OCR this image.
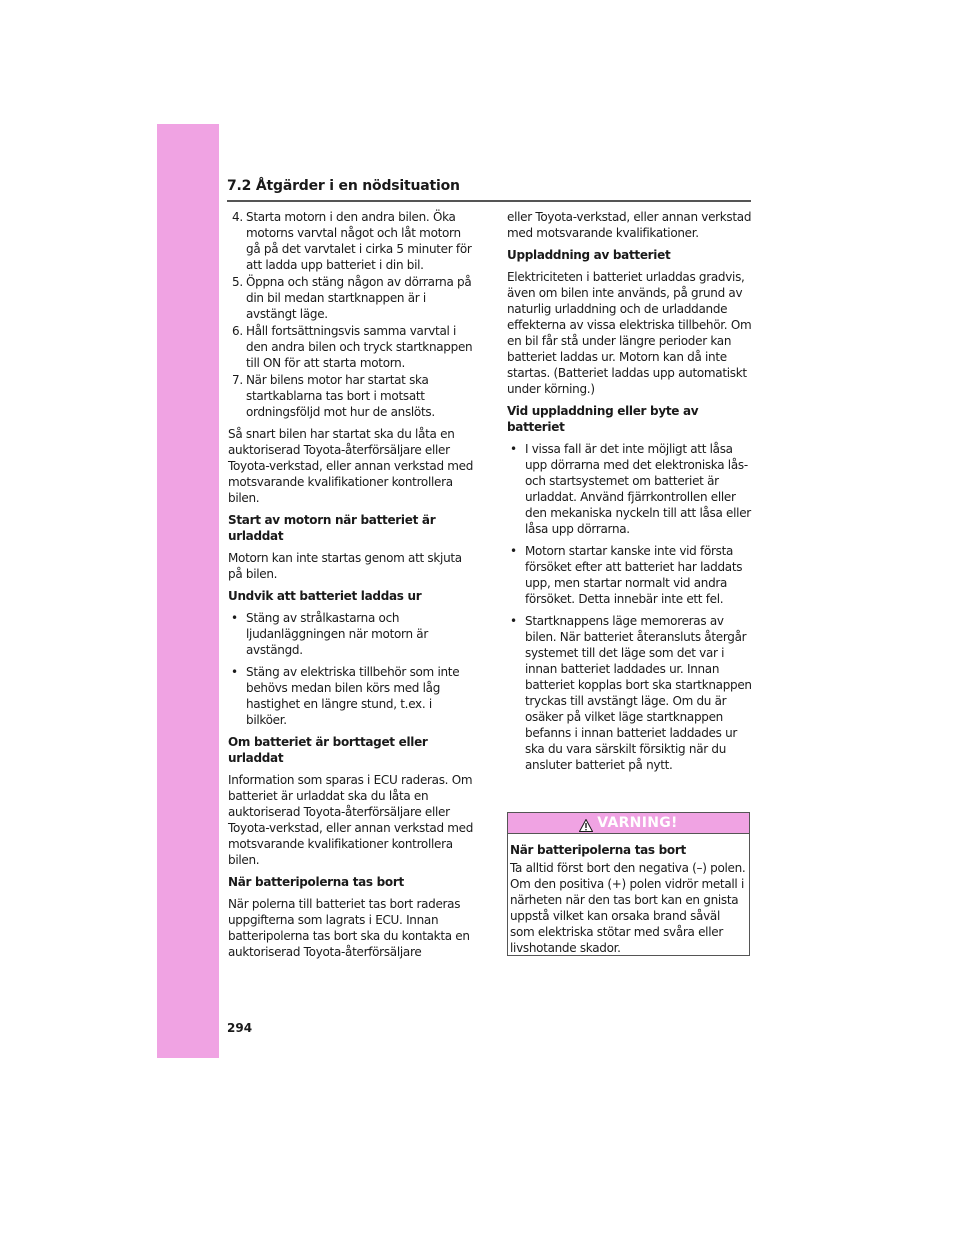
7.2 Åtgärder i en nödsituation
4. Starta motorn i den andra bilen. Öka motorns varvtal något och låt motorn gå på det varvtalet i cirka 5 minuter för att ladda upp batteriet i din bil.
5. Öppna och stäng någon av dörrarna på din bil medan startknappen är i avstängt läge.
6. Håll fortsättningsvis samma varvtal i den andra bilen och tryck startknappen till ON för att starta motorn.
7. När bilens motor har startat ska startkablarna tas bort i motsatt ordningsföljd mot hur de anslöts.

Så snart bilen har startat ska du låta en auktoriserad Toyota-återförsäljare eller Toyota-verkstad, eller annan verkstad med motsvarande kvalifikationer kontrollera bilen.

Start av motorn när batteriet är urladdat

Motorn kan inte startas genom att skjuta på bilen.

Undvik att batteriet laddas ur

• Stäng av strålkastarna och ljudanläggningen när motorn är avstängd.
• Stäng av elektriska tillbehör som inte behövs medan bilen körs med låg hastighet en längre stund, t.ex. i bilköer.

Om batteriet är borttaget eller urladdat

Information som sparas i ECU raderas. Om batteriet är urladdat ska du låta en auktoriserad Toyota-återförsäljare eller Toyota-verkstad, eller annan verkstad med motsvarande kvalifikationer kontrollera bilen.

När batteripolerna tas bort

När polerna till batteriet tas bort raderas uppgifterna som lagrats i ECU. Innan batteripolerna tas bort ska du kontakta en auktoriserad Toyota-återförsäljare

eller Toyota-verkstad, eller annan verkstad med motsvarande kvalifikationer.

Uppladdning av batteriet

Elektriciteten i batteriet urladdas gradvis, även om bilen inte används, på grund av naturlig urladdning och de urladdande effekterna av vissa elektriska tillbehör. Om en bil får stå under längre perioder kan batteriet laddas ur. Motorn kan då inte startas. (Batteriet laddas upp automatiskt under körning.)

Vid uppladdning eller byte av batteriet

• I vissa fall är det inte möjligt att låsa upp dörrarna med det elektroniska lås- och startsystemet om batteriet är urladdat. Använd fjärrkontrollen eller den mekaniska nyckeln till att låsa eller låsa upp dörrarna.
• Motorn startar kanske inte vid första försöket efter att batteriet har laddats upp, men startar normalt vid andra försöket. Detta innebär inte ett fel.
• Startknappens läge memoreras av bilen. När batteriet återansluts återgår systemet till det läge som det var i innan batteriet laddades ur. Innan batteriet kopplas bort ska startknappen tryckas till avstängt läge. Om du är osäker på vilket läge startknappen befanns i innan batteriet laddades ur ska du vara särskilt försiktig när du ansluter batteriet på nytt.
VARNING!

När batteripolerna tas bort

Ta alltid först bort den negativa (–) polen. Om den positiva (+) polen vidrör metall i närheten när den tas bort kan en gnista uppstå vilket kan orsaka brand såväl som elektriska stötar med svåra eller livshotande skador.

294
